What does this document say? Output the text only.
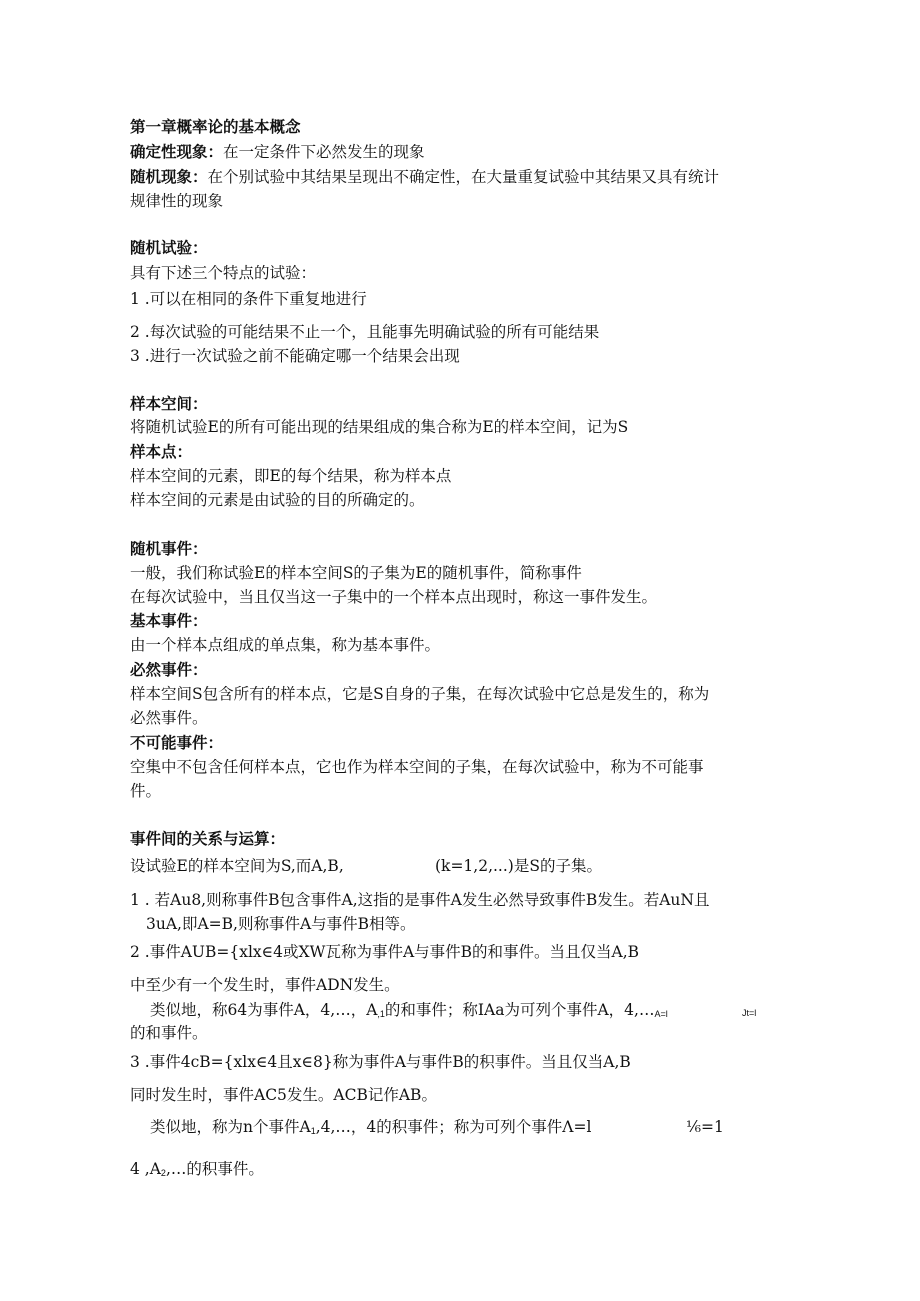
第一章概率论的基本概念

确定性现象：在一定条件下必然发生的现象

随机现象：在个别试验中其结果呈现出不确定性，在大量重复试验中其结果又具有统计

规律性的现象

随机试验：

具有下述三个特点的试验：

1 .可以在相同的条件下重复地进行

2 .每次试验的可能结果不止一个，且能事先明确试验的所有可能结果

3 .进行一次试验之前不能确定哪一个结果会出现

样本空间：

将随机试验E的所有可能出现的结果组成的集合称为E的样本空间，记为S

样本点：

样本空间的元素，即E的每个结果，称为样本点

样本空间的元素是由试验的目的所确定的。

随机事件：

一般，我们称试验E的样本空间S的子集为E的随机事件，简称事件

在每次试验中，当且仅当这一子集中的一个样本点出现时，称这一事件发生。

基本事件：

由一个样本点组成的单点集，称为基本事件。

必然事件：

样本空间S包含所有的样本点，它是S自身的子集，在每次试验中它总是发生的，称为

必然事件。

不可能事件：

空集中不包含任何样本点，它也作为样本空间的子集，在每次试验中，称为不可能事

件。

事件间的关系与运算：

设试验E的样本空间为S,而A,B,	(k=1,2,...)是S的子集。

1 . 若Au8,则称事件B包含事件A,这指的是事件A发生必然导致事件B发生。若AuN且

3uA,即A=B,则称事件A与事件B相等。

2 .事件AUB={xlx∈4或XW瓦称为事件A与事件B的和事件。当且仅当A,B

中至少有一个发生时，事件ADN发生。

类似地，称64为事件A，4,…，$A_{,1}$的和事件；称IAa为可列个事件A，$4,\dots_{A=l}$	Jt=l

的和事件。

3 .事件4cB={xlx∈4且x∈8}称为事件A与事件B的积事件。当且仅当A,B

同时发生时，事件AC5发生。ACB记作AB。

类似地，称为n个事件$A_1,4,\dots$，4的积事件；称为可列个事件Λ=l	⅙=1

4 $,A_2,\dots$的积事件。
